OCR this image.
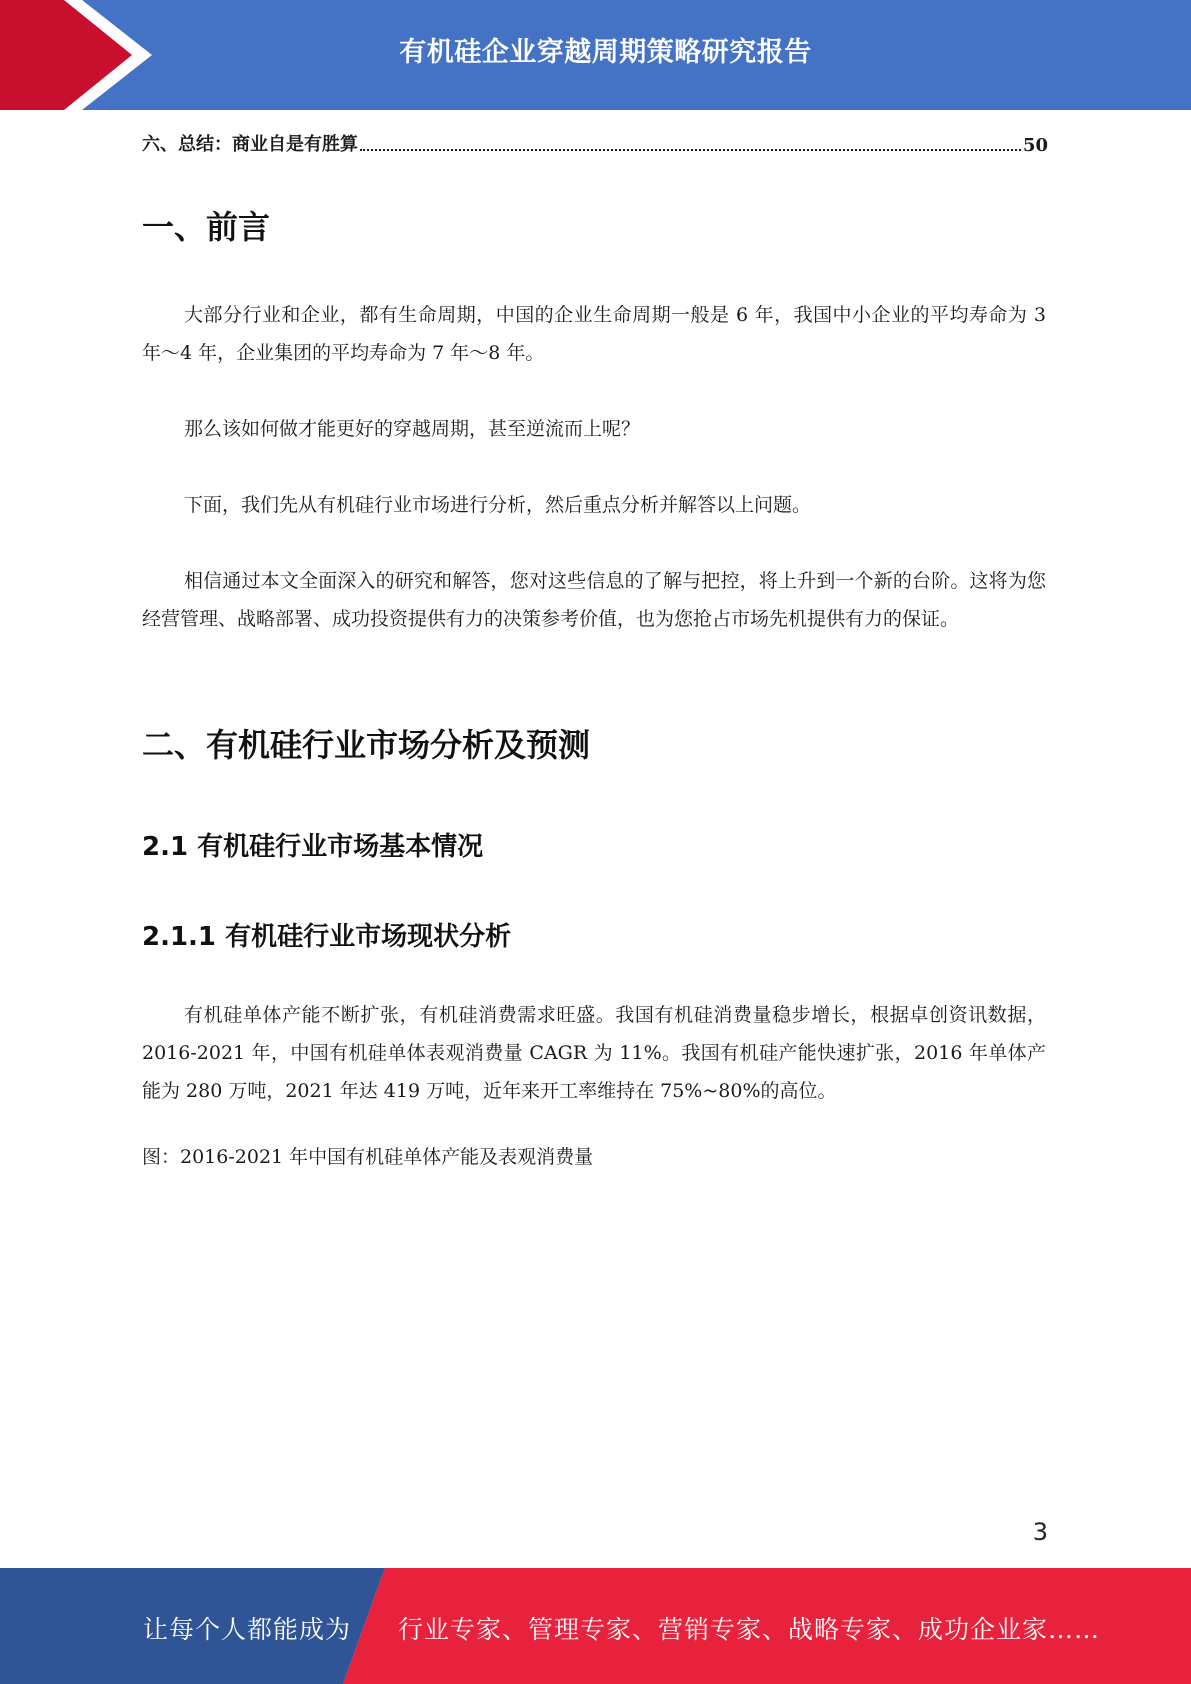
有机硅企业穿越周期策略研究报告
六、总结：商业自是有胜算	50
一、前言

大部分行业和企业，都有生命周期，中国的企业生命周期一般是 6 年，我国中小企业的平均寿命为 3 年～4 年，企业集团的平均寿命为 7 年～8 年。

那么该如何做才能更好的穿越周期，甚至逆流而上呢？

下面，我们先从有机硅行业市场进行分析，然后重点分析并解答以上问题。

相信通过本文全面深入的研究和解答，您对这些信息的了解与把控，将上升到一个新的台阶。这将为您经营管理、战略部署、成功投资提供有力的决策参考价值，也为您抢占市场先机提供有力的保证。

二、有机硅行业市场分析及预测
2.1 有机硅行业市场基本情况
2.1.1 有机硅行业市场现状分析

有机硅单体产能不断扩张，有机硅消费需求旺盛。我国有机硅消费量稳步增长，根据卓创资讯数据，2016-2021 年，中国有机硅单体表观消费量 CAGR 为 11%。我国有机硅产能快速扩张，2016 年单体产能为 280 万吨，2021 年达 419 万吨，近年来开工率维持在 75%~80%的高位。

图：2016-2021 年中国有机硅单体产能及表观消费量

3
让每个人都能成为 行业专家、管理专家、营销专家、战略专家、成功企业家……
